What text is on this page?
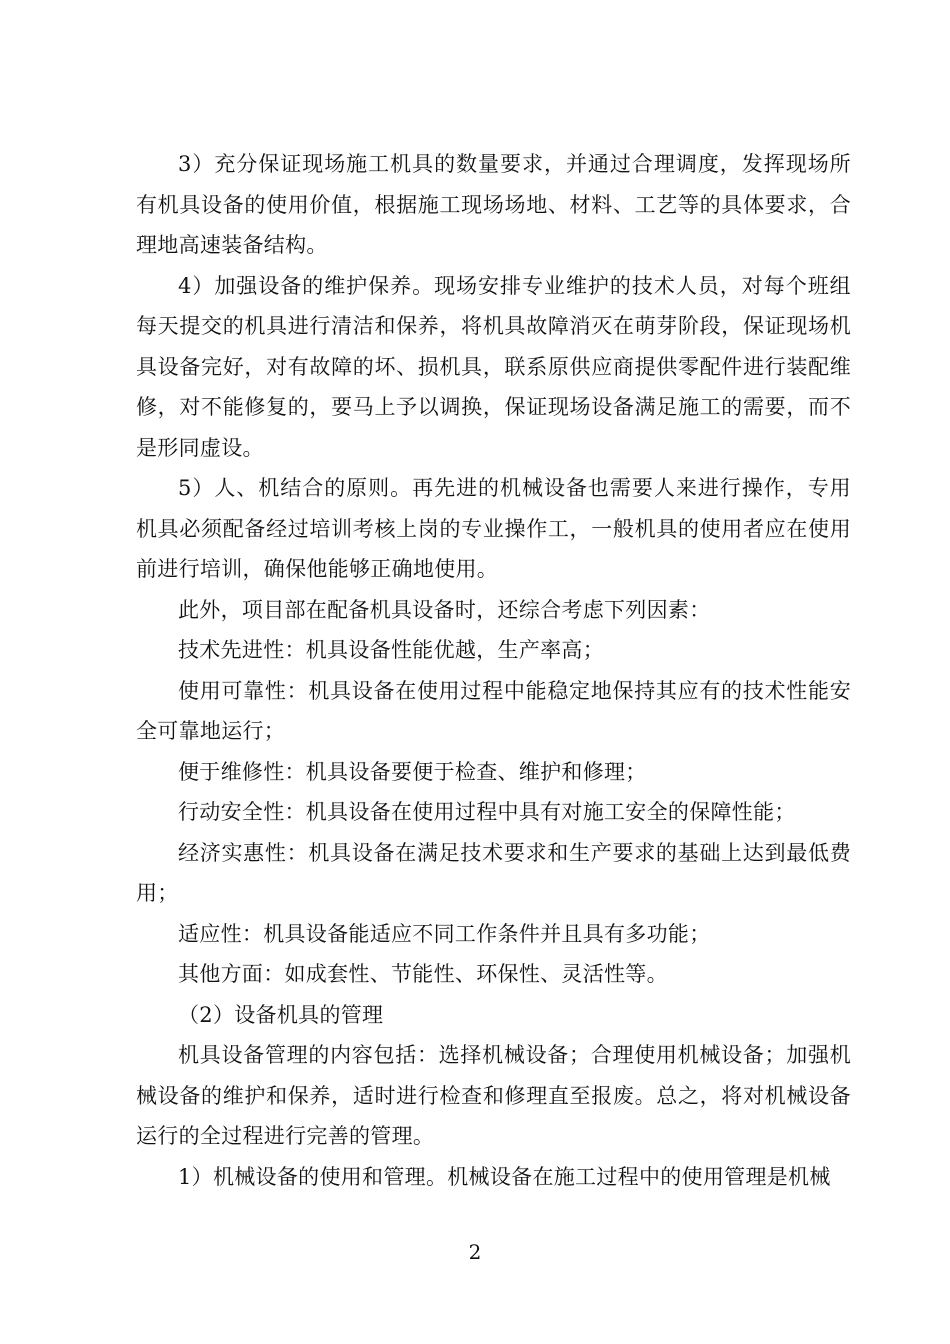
3）充分保证现场施工机具的数量要求，并通过合理调度，发挥现场所有机具设备的使用价值，根据施工现场场地、材料、工艺等的具体要求，合理地高速装备结构。

4）加强设备的维护保养。现场安排专业维护的技术人员，对每个班组每天提交的机具进行清洁和保养，将机具故障消灭在萌芽阶段，保证现场机具设备完好，对有故障的坏、损机具，联系原供应商提供零配件进行装配维修，对不能修复的，要马上予以调换，保证现场设备满足施工的需要，而不是形同虚设。

5）人、机结合的原则。再先进的机械设备也需要人来进行操作，专用机具必须配备经过培训考核上岗的专业操作工，一般机具的使用者应在使用前进行培训，确保他能够正确地使用。

此外，项目部在配备机具设备时，还综合考虑下列因素：

技术先进性：机具设备性能优越，生产率高；

使用可靠性：机具设备在使用过程中能稳定地保持其应有的技术性能安全可靠地运行；

便于维修性：机具设备要便于检查、维护和修理；

行动安全性：机具设备在使用过程中具有对施工安全的保障性能；

经济实惠性：机具设备在满足技术要求和生产要求的基础上达到最低费用；

适应性：机具设备能适应不同工作条件并且具有多功能；

其他方面：如成套性、节能性、环保性、灵活性等。

（2）设备机具的管理

机具设备管理的内容包括：选择机械设备；合理使用机械设备；加强机械设备的维护和保养，适时进行检查和修理直至报废。总之，将对机械设备运行的全过程进行完善的管理。

1）机械设备的使用和管理。机械设备在施工过程中的使用管理是机械

2
